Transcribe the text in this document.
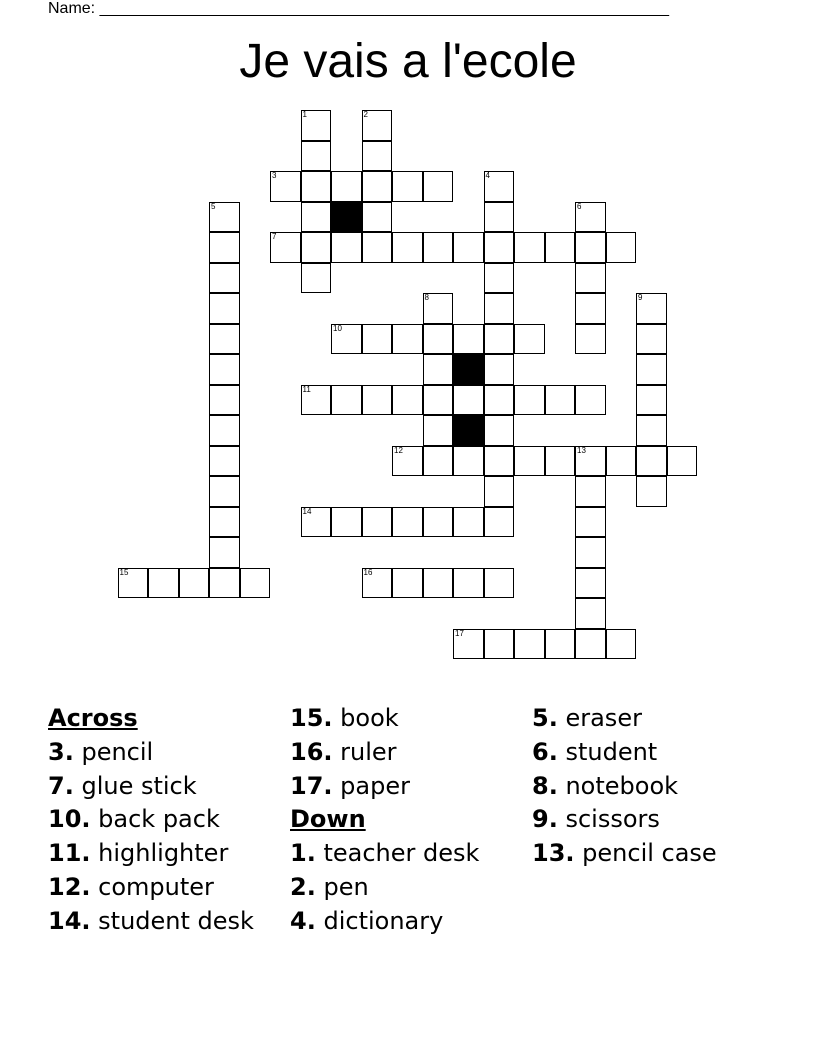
Name: ________________________________________________________________
Je vais a l'ecole
3
7
10
11
12	13
14
15	16
17
1	2
4
5	6
8	9
Across
3. pencil
7. glue stick
10. back pack
11. highlighter
12. computer
14. student desk
15. book
16. ruler
17. paper
Down
1. teacher desk
2. pen
4. dictionary
5. eraser
6. student
8. notebook
9. scissors
13. pencil case
